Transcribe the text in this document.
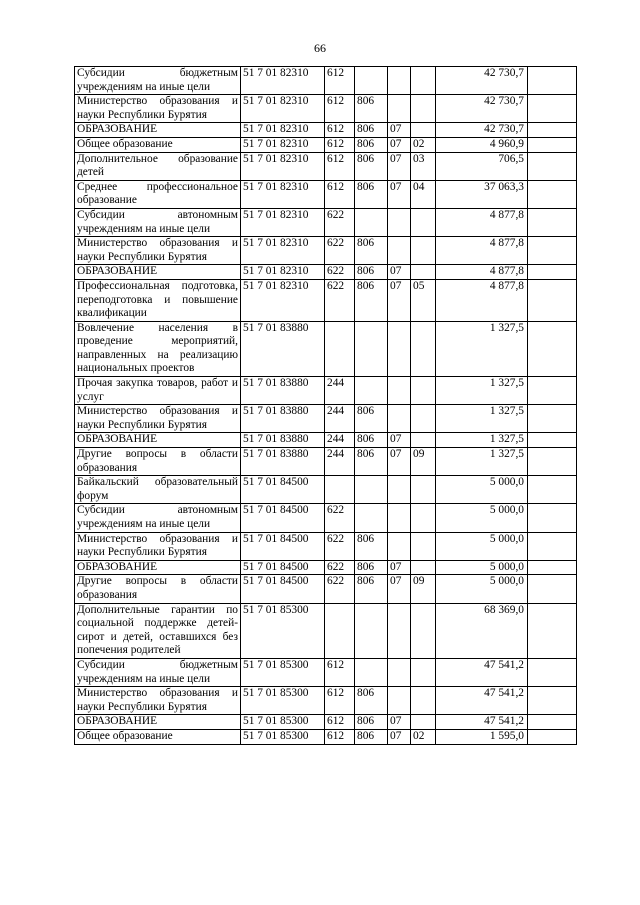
66
Субсидии бюджетным учреждениям на иные цели	51 7 01 82310	612				42 730,7	
Министерство образования и науки Республики Бурятия	51 7 01 82310	612	806			42 730,7	
ОБРАЗОВАНИЕ	51 7 01 82310	612	806	07		42 730,7	
Общее образование	51 7 01 82310	612	806	07	02	4 960,9	
Дополнительное образование детей	51 7 01 82310	612	806	07	03	706,5	
Среднее профессиональное образование	51 7 01 82310	612	806	07	04	37 063,3	
Субсидии автономным учреждениям на иные цели	51 7 01 82310	622				4 877,8	
Министерство образования и науки Республики Бурятия	51 7 01 82310	622	806			4 877,8	
ОБРАЗОВАНИЕ	51 7 01 82310	622	806	07		4 877,8	
Профессиональная подготовка, переподготовка и повышение квалификации	51 7 01 82310	622	806	07	05	4 877,8	
Вовлечение населения в проведение мероприятий, направленных на реализацию национальных проектов	51 7 01 83880					1 327,5	
Прочая закупка товаров, работ и услуг	51 7 01 83880	244				1 327,5	
Министерство образования и науки Республики Бурятия	51 7 01 83880	244	806			1 327,5	
ОБРАЗОВАНИЕ	51 7 01 83880	244	806	07		1 327,5	
Другие вопросы в области образования	51 7 01 83880	244	806	07	09	1 327,5	
Байкальский образовательный форум	51 7 01 84500					5 000,0	
Субсидии автономным учреждениям на иные цели	51 7 01 84500	622				5 000,0	
Министерство образования и науки Республики Бурятия	51 7 01 84500	622	806			5 000,0	
ОБРАЗОВАНИЕ	51 7 01 84500	622	806	07		5 000,0	
Другие вопросы в области образования	51 7 01 84500	622	806	07	09	5 000,0	
Дополнительные гарантии по социальной поддержке детей-сирот и детей, оставшихся без попечения родителей	51 7 01 85300					68 369,0	
Субсидии бюджетным учреждениям на иные цели	51 7 01 85300	612				47 541,2	
Министерство образования и науки Республики Бурятия	51 7 01 85300	612	806			47 541,2	
ОБРАЗОВАНИЕ	51 7 01 85300	612	806	07		47 541,2	
Общее образование	51 7 01 85300	612	806	07	02	1 595,0	
